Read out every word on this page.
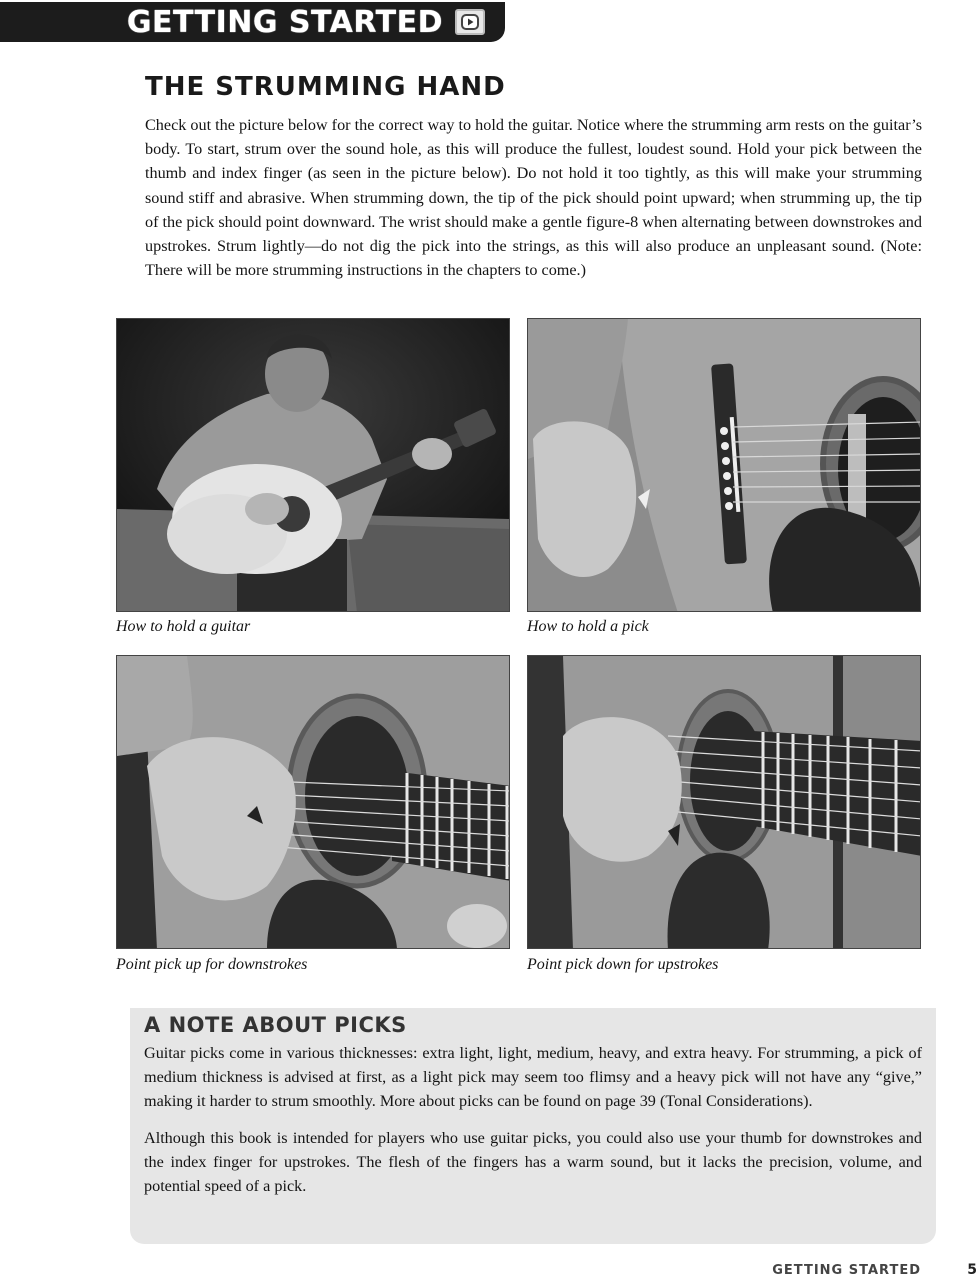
GETTING STARTED
THE STRUMMING HAND
Check out the picture below for the correct way to hold the guitar. Notice where the strumming arm rests on the guitar’s body. To start, strum over the sound hole, as this will produce the fullest, loudest sound. Hold your pick between the thumb and index finger (as seen in the picture below). Do not hold it too tightly, as this will make your strumming sound stiff and abrasive. When strumming down, the tip of the pick should point upward; when strumming up, the tip of the pick should point downward. The wrist should make a gentle figure-8 when alternating between downstrokes and upstrokes. Strum lightly—do not dig the pick into the strings, as this will also produce an unpleasant sound. (Note: There will be more strumming instructions in the chapters to come.)
How to hold a guitar	How to hold a pick
Point pick up for downstrokes	Point pick down for upstrokes
A NOTE ABOUT PICKS

Guitar picks come in various thicknesses: extra light, light, medium, heavy, and extra heavy. For strumming, a pick of medium thickness is advised at first, as a light pick may seem too flimsy and a heavy pick will not have any “give,” making it harder to strum smoothly. More about picks can be found on page 39 (Tonal Considerations).

Although this book is intended for players who use guitar picks, you could also use your thumb for downstrokes and the index finger for upstrokes. The flesh of the fingers has a warm sound, but it lacks the precision, volume, and potential speed of a pick.

GETTING STARTED	5
